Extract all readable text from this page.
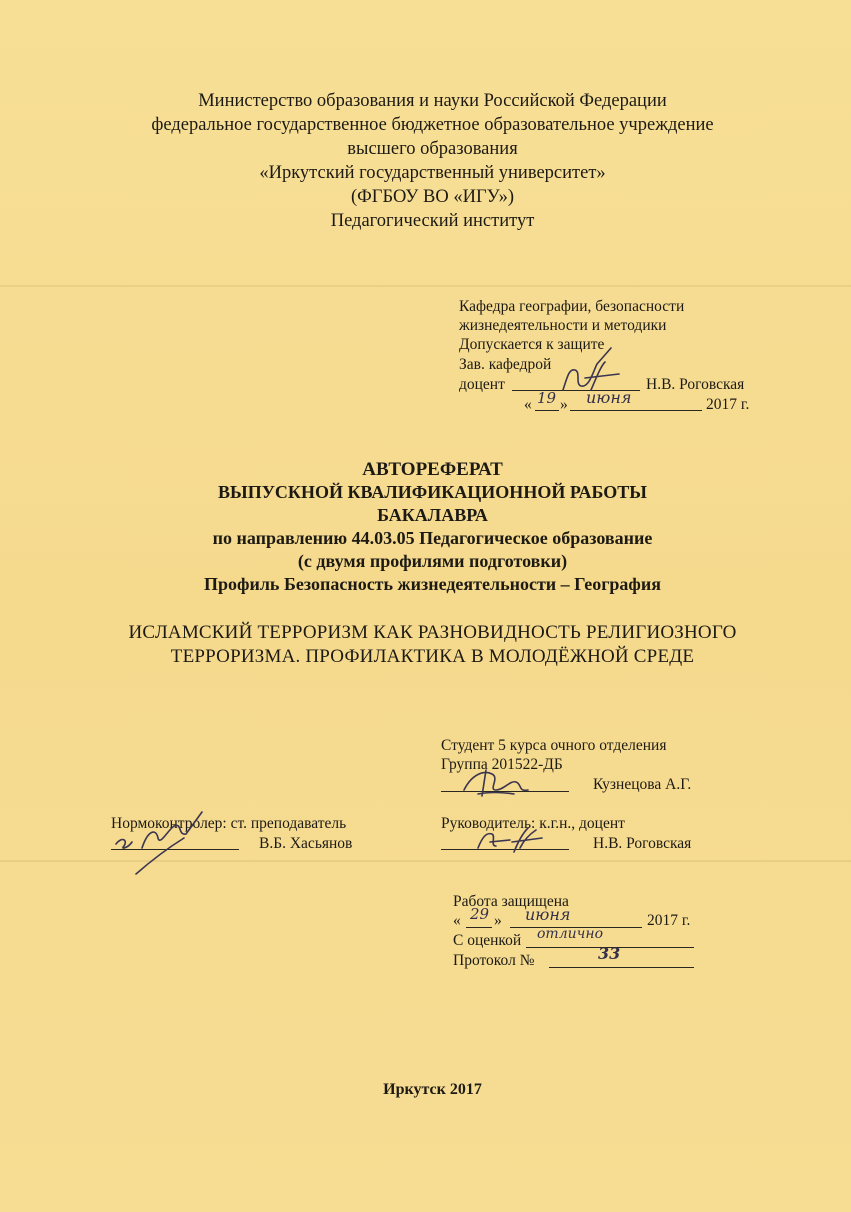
Министерство образования и науки Российской Федерации
федеральное государственное бюджетное образовательное учреждение
высшего образования
«Иркутский государственный университет»
(ФГБОУ ВО «ИГУ»)
Педагогический институт
Кафедра географии, безопасности
жизнедеятельности и методики
Допускается к защите
Зав. кафедрой
доцент	Н.В. Роговская
« 19 » июня	2017 г.
АВТОРЕФЕРАТ
ВЫПУСКНОЙ КВАЛИФИКАЦИОННОЙ РАБОТЫ
БАКАЛАВРА
по направлению 44.03.05 Педагогическое образование
(с двумя профилями подготовки)
Профиль Безопасность жизнедеятельности – География
ИСЛАМСКИЙ ТЕРРОРИЗМ КАК РАЗНОВИДНОСТЬ РЕЛИГИОЗНОГО
ТЕРРОРИЗМА. ПРОФИЛАКТИКА В МОЛОДЁЖНОЙ СРЕДЕ
Студент 5 курса очного отделения
Группа 201522-ДБ
Кузнецова А.Г.
Нормоконтролер: ст. преподаватель
В.Б. Хасьянов
Руководитель: к.г.н., доцент
Н.В. Роговская
Работа защищена
« 29 » июня	2017 г.
С оценкой отлично
Протокол №	33
Иркутск 2017
